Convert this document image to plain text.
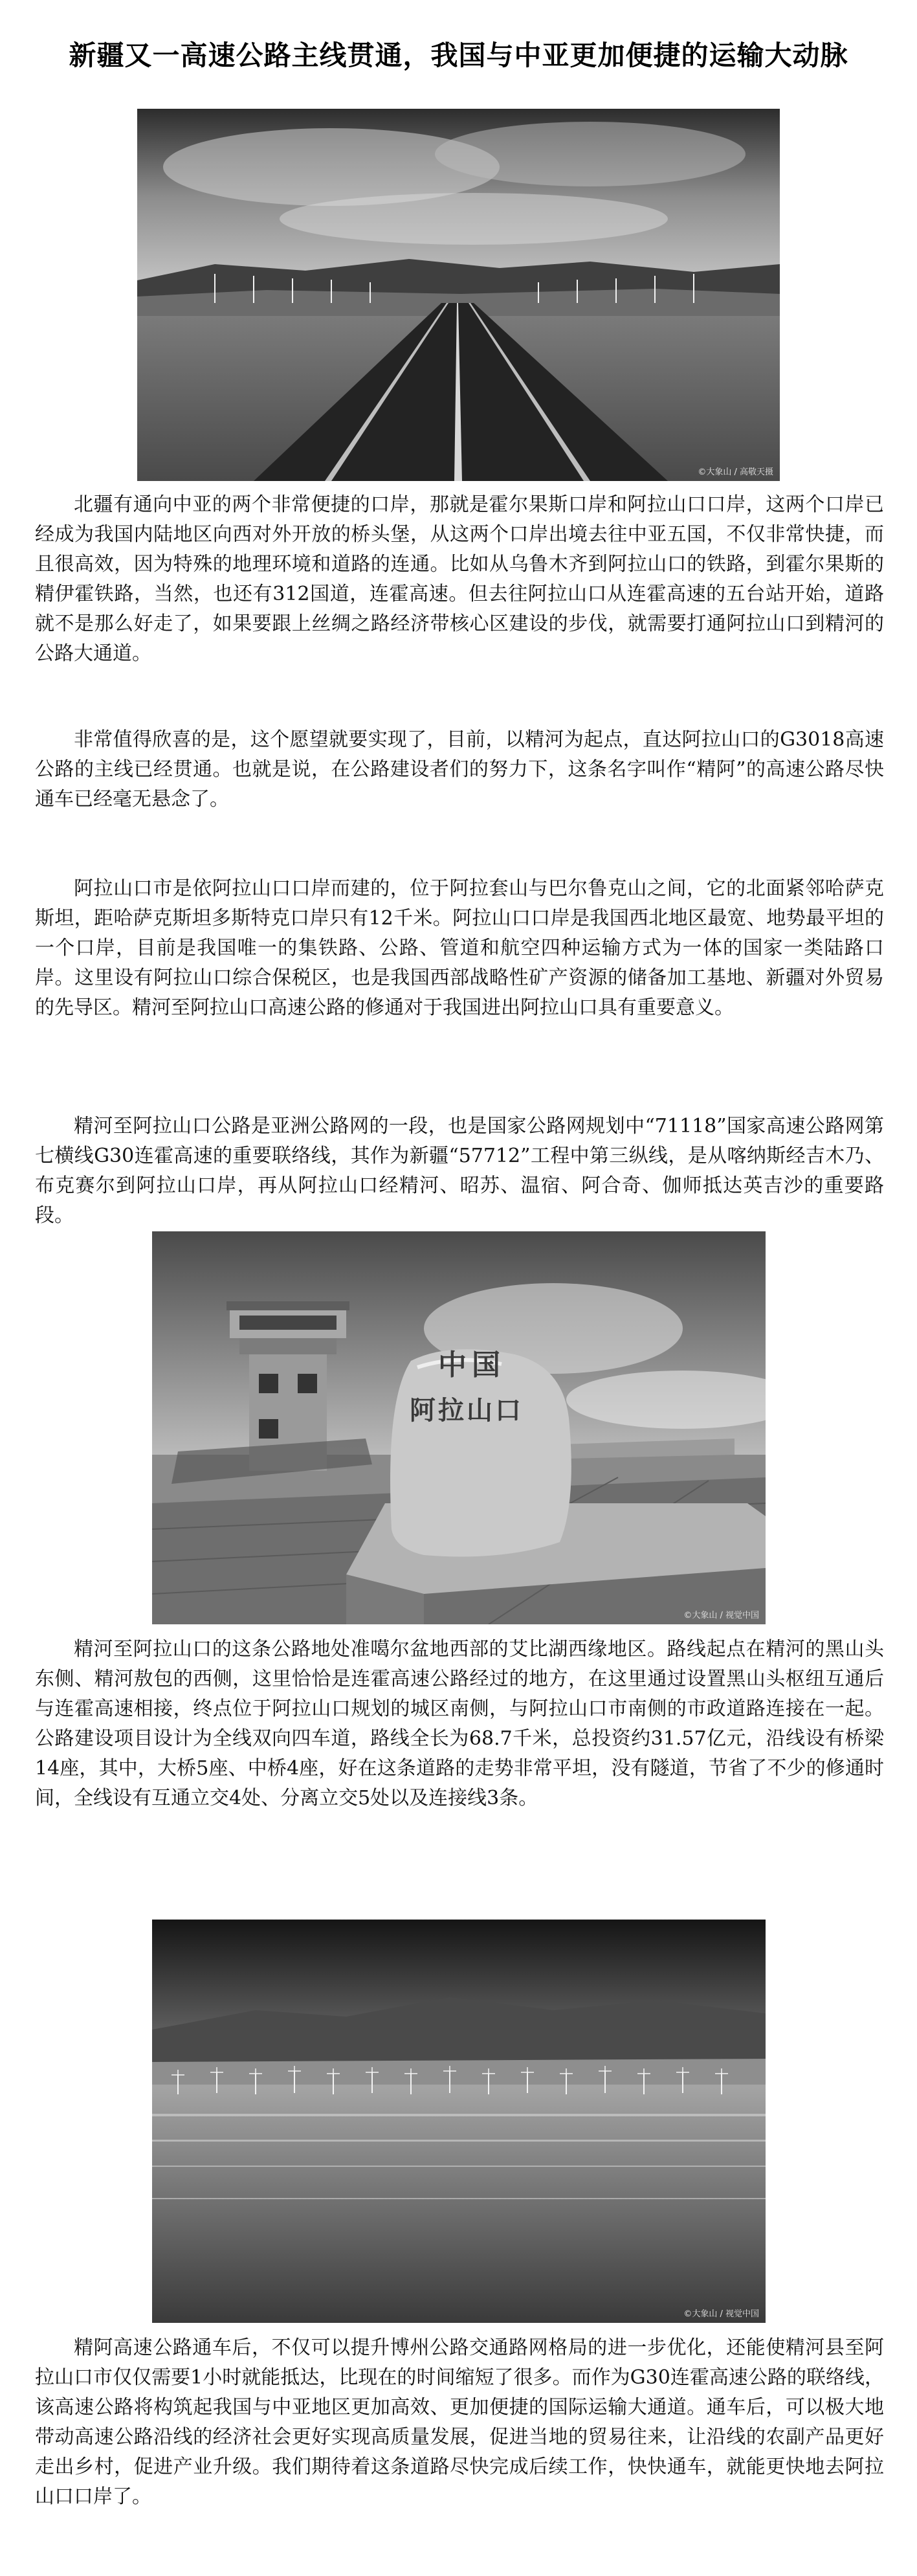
新疆又一高速公路主线贯通，我国与中亚更加便捷的运输大动脉
©大象山 / 高敬天摄

北疆有通向中亚的两个非常便捷的口岸，那就是霍尔果斯口岸和阿拉山口口岸，这两个口岸已经成为我国内陆地区向西对外开放的桥头堡，从这两个口岸出境去往中亚五国，不仅非常快捷，而且很高效，因为特殊的地理环境和道路的连通。比如从乌鲁木齐到阿拉山口的铁路，到霍尔果斯的精伊霍铁路，当然，也还有312国道，连霍高速。但去往阿拉山口从连霍高速的五台站开始，道路就不是那么好走了，如果要跟上丝绸之路经济带核心区建设的步伐，就需要打通阿拉山口到精河的公路大通道。

非常值得欣喜的是，这个愿望就要实现了，目前，以精河为起点，直达阿拉山口的G3018高速公路的主线已经贯通。也就是说，在公路建设者们的努力下，这条名字叫作“精阿”的高速公路尽快通车已经毫无悬念了。

阿拉山口市是依阿拉山口口岸而建的，位于阿拉套山与巴尔鲁克山之间，它的北面紧邻哈萨克斯坦，距哈萨克斯坦多斯特克口岸只有12千米。阿拉山口口岸是我国西北地区最宽、地势最平坦的一个口岸，目前是我国唯一的集铁路、公路、管道和航空四种运输方式为一体的国家一类陆路口岸。这里设有阿拉山口综合保税区，也是我国西部战略性矿产资源的储备加工基地、新疆对外贸易的先导区。精河至阿拉山口高速公路的修通对于我国进出阿拉山口具有重要意义。

精河至阿拉山口公路是亚洲公路网的一段，也是国家公路网规划中“71118”国家高速公路网第七横线G30连霍高速的重要联络线，其作为新疆“57712”工程中第三纵线，是从喀纳斯经吉木乃、布克赛尔到阿拉山口岸，再从阿拉山口经精河、昭苏、温宿、阿合奇、伽师抵达英吉沙的重要路段。

中国
阿拉山口
©大象山 / 视觉中国

精河至阿拉山口的这条公路地处准噶尔盆地西部的艾比湖西缘地区。路线起点在精河的黑山头东侧、精河敖包的西侧，这里恰恰是连霍高速公路经过的地方，在这里通过设置黑山头枢纽互通后与连霍高速相接，终点位于阿拉山口规划的城区南侧，与阿拉山口市南侧的市政道路连接在一起。公路建设项目设计为全线双向四车道，路线全长为68.7千米，总投资约31.57亿元，沿线设有桥梁14座，其中，大桥5座、中桥4座，好在这条道路的走势非常平坦，没有隧道，节省了不少的修通时间，全线设有互通立交4处、分离立交5处以及连接线3条。

©大象山 / 视觉中国

精阿高速公路通车后，不仅可以提升博州公路交通路网格局的进一步优化，还能使精河县至阿拉山口市仅仅需要1小时就能抵达，比现在的时间缩短了很多。而作为G30连霍高速公路的联络线，该高速公路将构筑起我国与中亚地区更加高效、更加便捷的国际运输大通道。通车后，可以极大地带动高速公路沿线的经济社会更好实现高质量发展，促进当地的贸易往来，让沿线的农副产品更好走出乡村，促进产业升级。我们期待着这条道路尽快完成后续工作，快快通车，就能更快地去阿拉山口口岸了。
